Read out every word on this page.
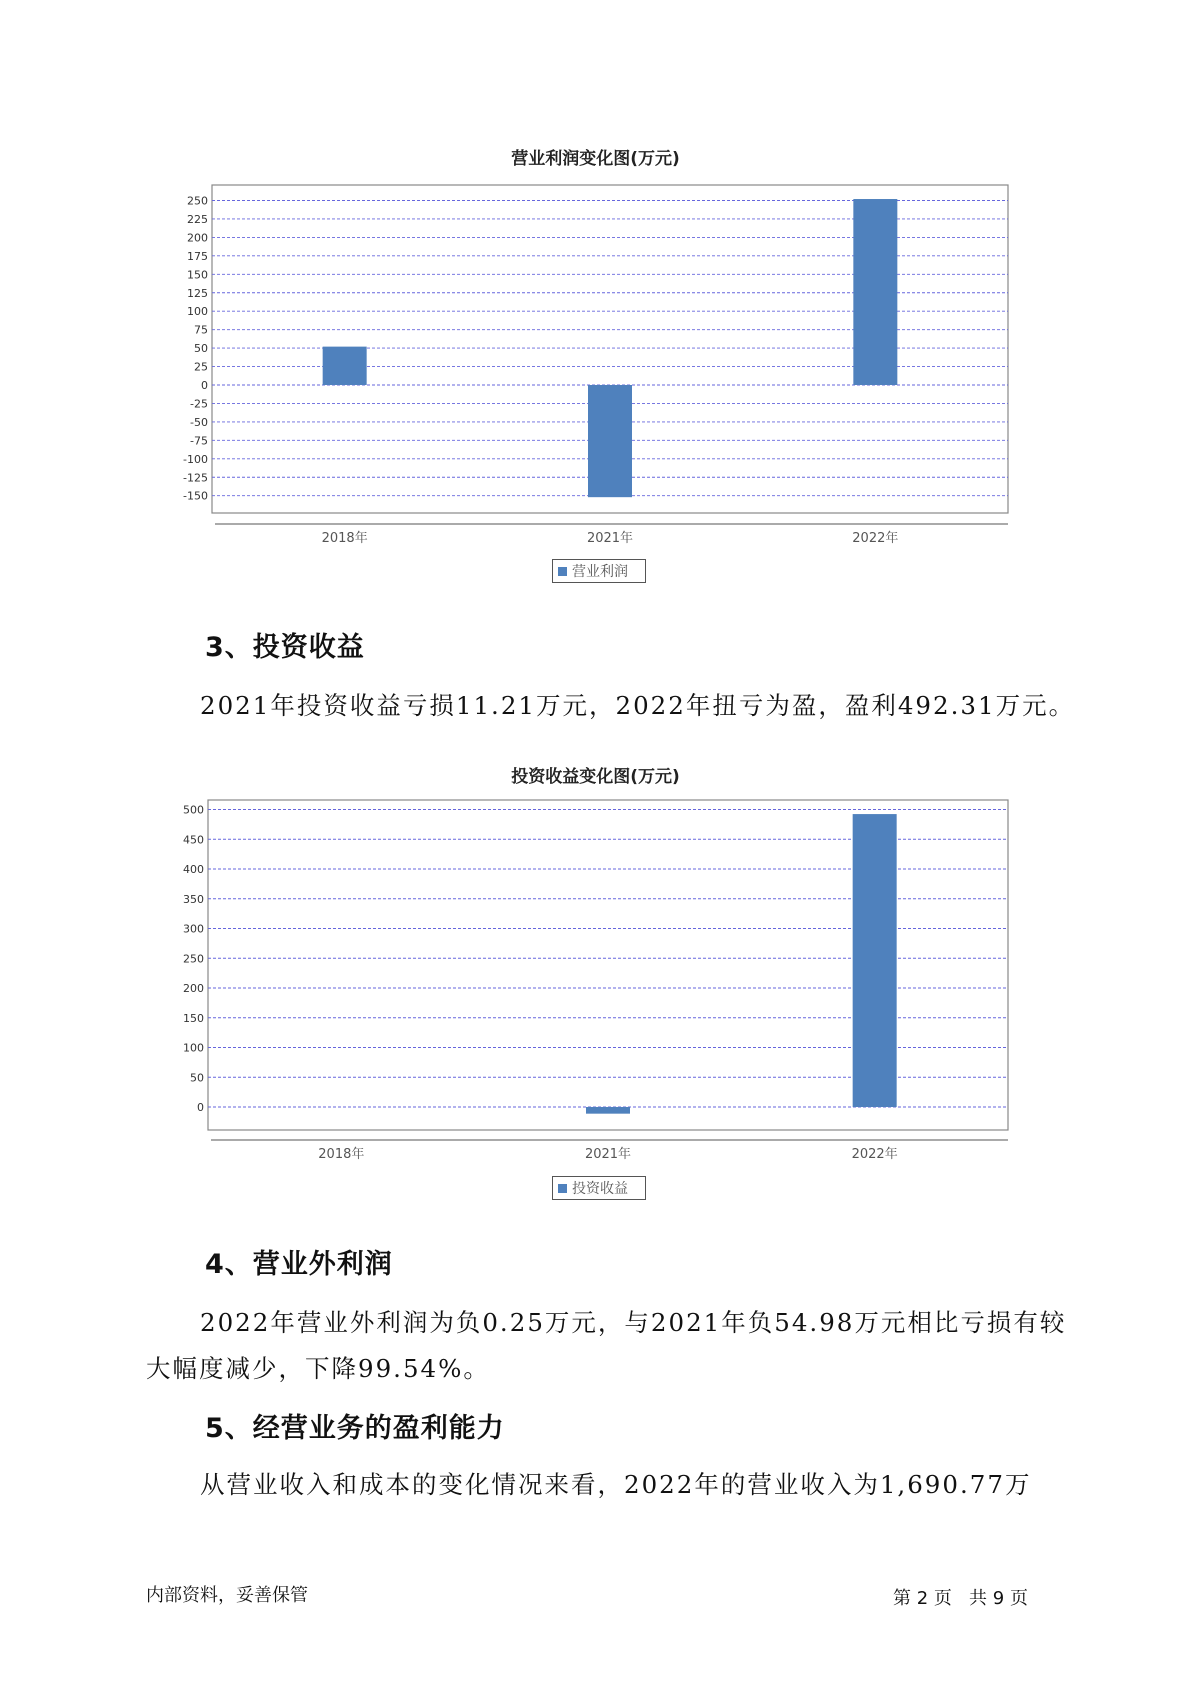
营业利润变化图(万元)
250
225
200
175
150
125
100
75
50
25
0
-25
-50
-75
-100
-125
-150
2018年	2021年	2022年
营业利润
3、投资收益

2021年投资收益亏损11.21万元，2022年扭亏为盈，盈利492.31万元。

投资收益变化图(万元)
500
450
400
350
300
250
200
150
100
50
0
2018年	2021年	2022年
投资收益
4、营业外利润

2022年营业外利润为负0.25万元，与2021年负54.98万元相比亏损有较

大幅度减少，下降99.54%。

5、经营业务的盈利能力

从营业收入和成本的变化情况来看，2022年的营业收入为1,690.77万

内部资料，妥善保管	第 2 页   共 9 页
